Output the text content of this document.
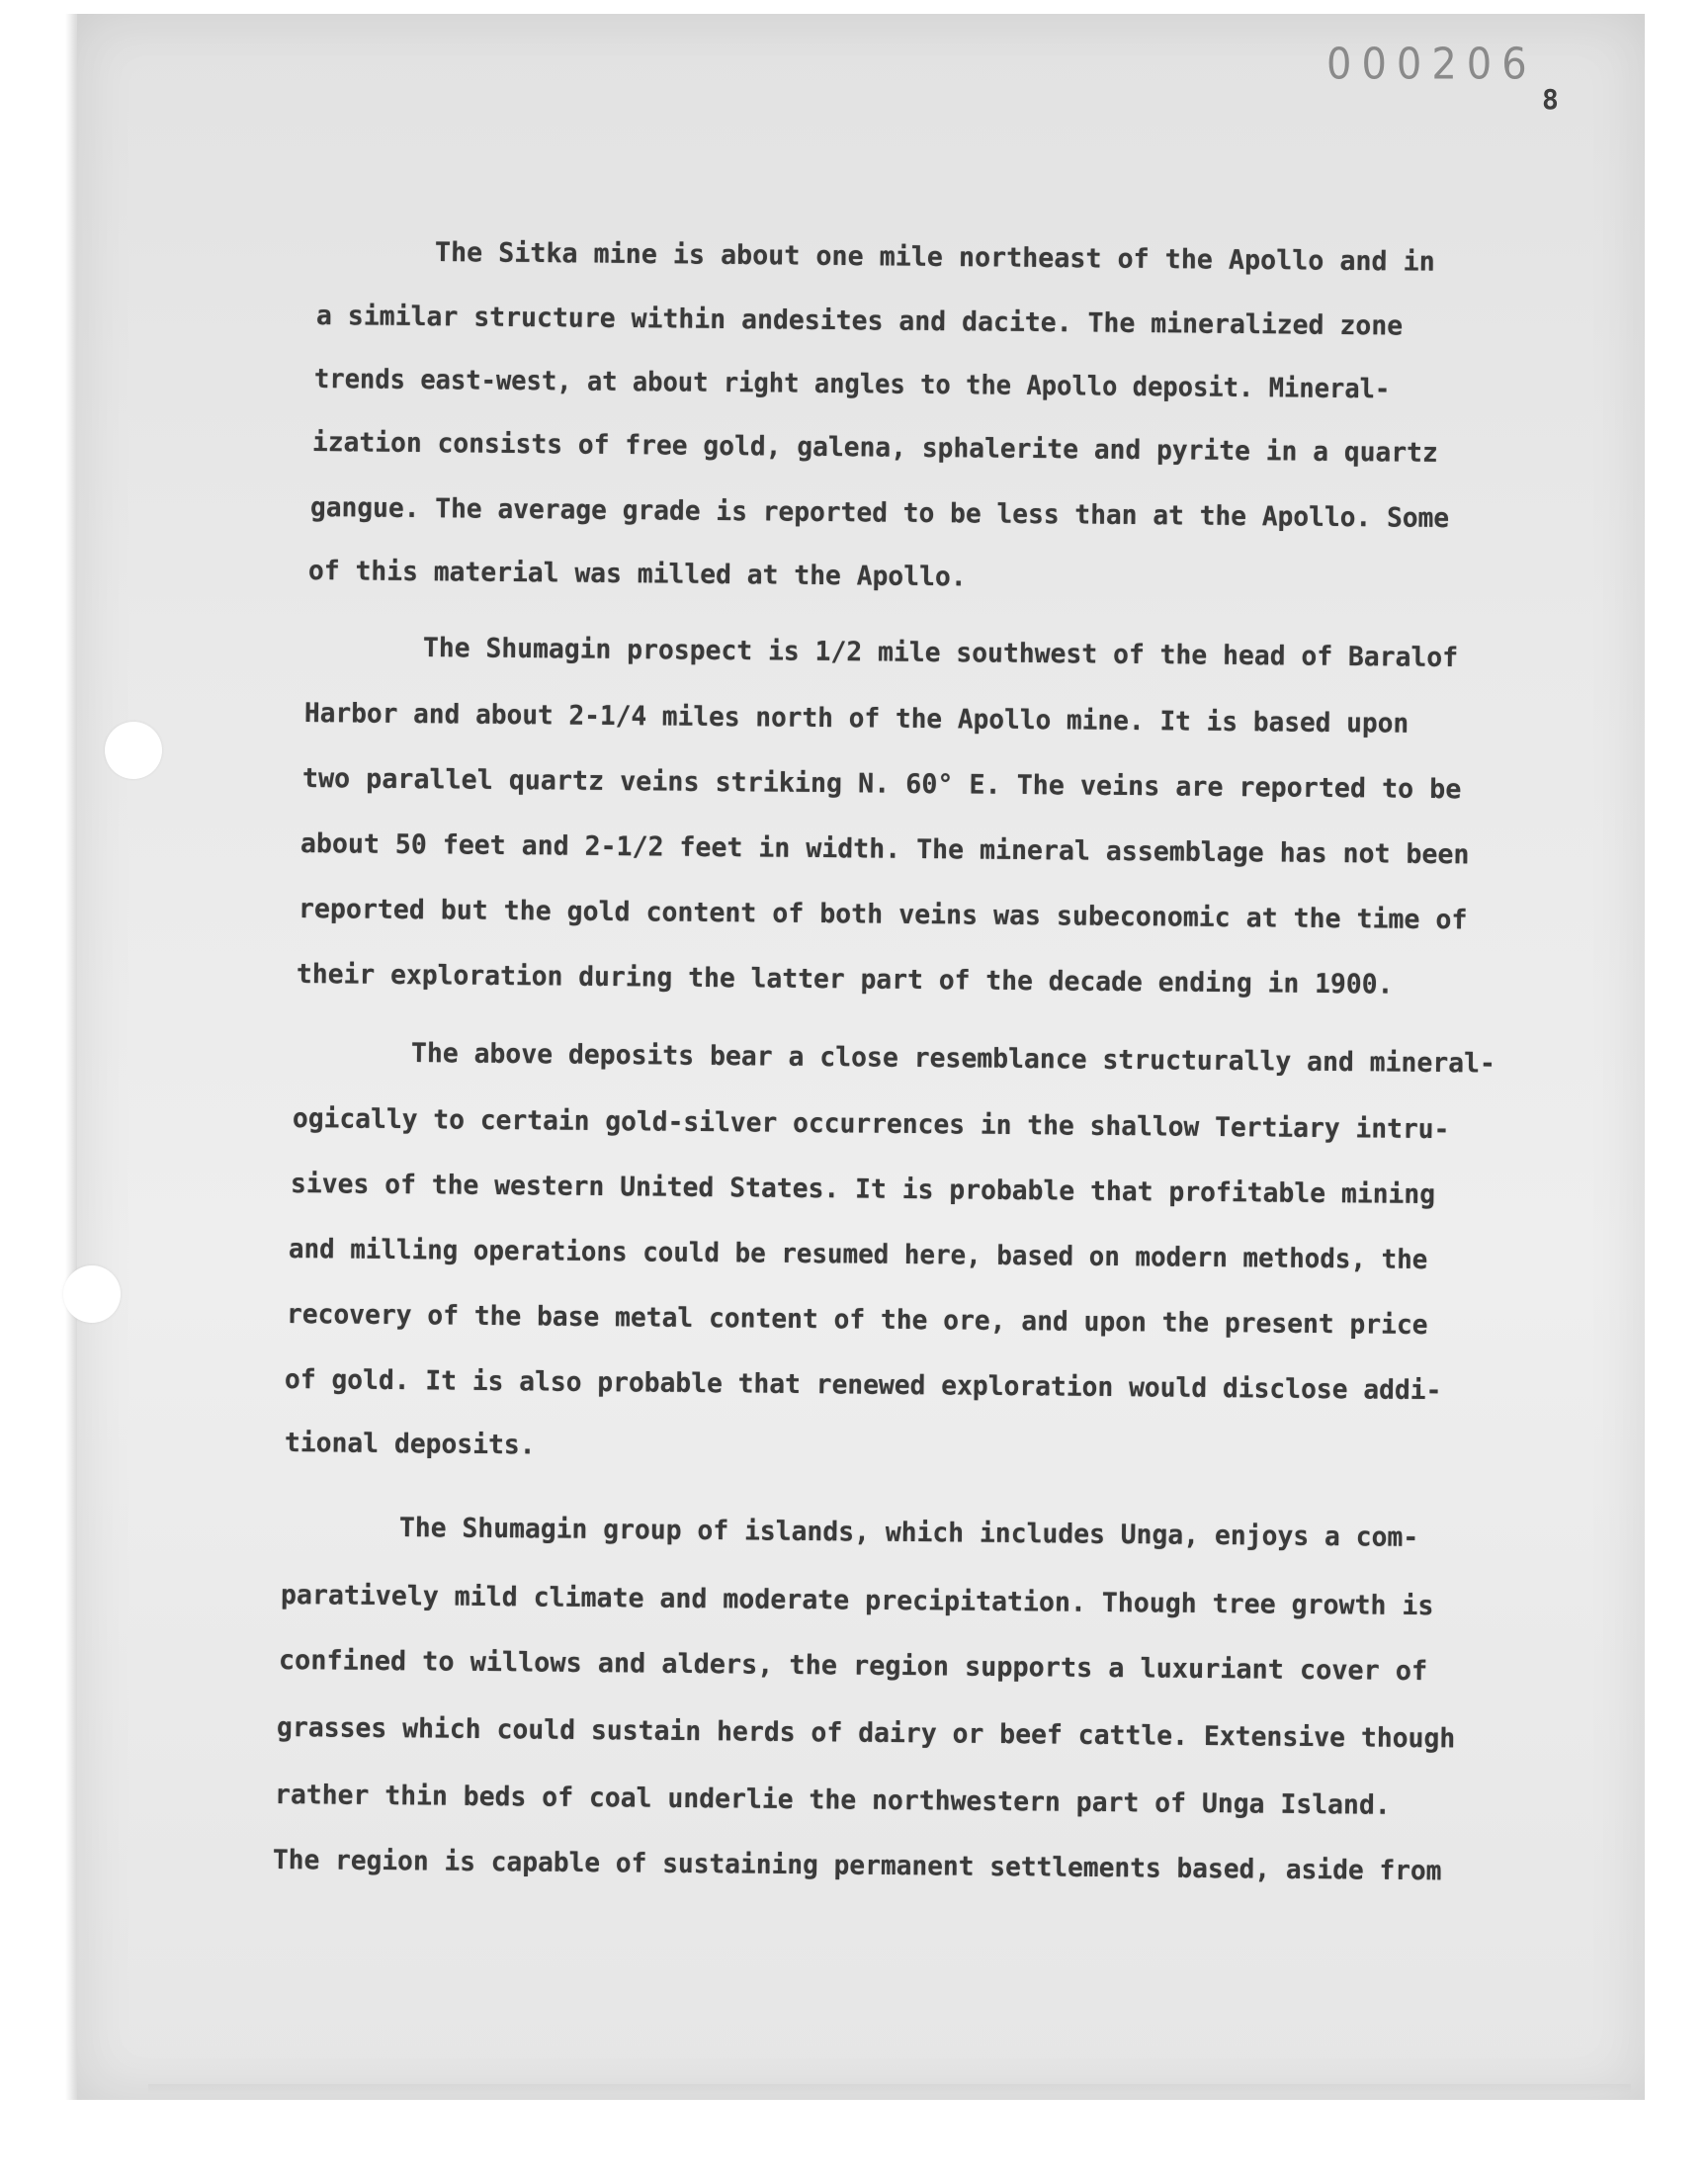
000206
8
The Sitka mine is about one mile northeast of the Apollo and in
a similar structure within andesites and dacite. The mineralized zone
trends east-west, at about right angles to the Apollo deposit. Mineral-
ization consists of free gold, galena, sphalerite and pyrite in a quartz
gangue. The average grade is reported to be less than at the Apollo. Some
of this material was milled at the Apollo.
The Shumagin prospect is 1/2 mile southwest of the head of Baralof
Harbor and about 2-1/4 miles north of the Apollo mine. It is based upon
two parallel quartz veins striking N. 60° E. The veins are reported to be
about 50 feet and 2-1/2 feet in width. The mineral assemblage has not been
reported but the gold content of both veins was subeconomic at the time of
their exploration during the latter part of the decade ending in 1900.
The above deposits bear a close resemblance structurally and mineral-
ogically to certain gold-silver occurrences in the shallow Tertiary intru-
sives of the western United States. It is probable that profitable mining
and milling operations could be resumed here, based on modern methods, the
recovery of the base metal content of the ore, and upon the present price
of gold. It is also probable that renewed exploration would disclose addi-
tional deposits.
The Shumagin group of islands, which includes Unga, enjoys a com-
paratively mild climate and moderate precipitation. Though tree growth is
confined to willows and alders, the region supports a luxuriant cover of
grasses which could sustain herds of dairy or beef cattle. Extensive though
rather thin beds of coal underlie the northwestern part of Unga Island.
The region is capable of sustaining permanent settlements based, aside from
